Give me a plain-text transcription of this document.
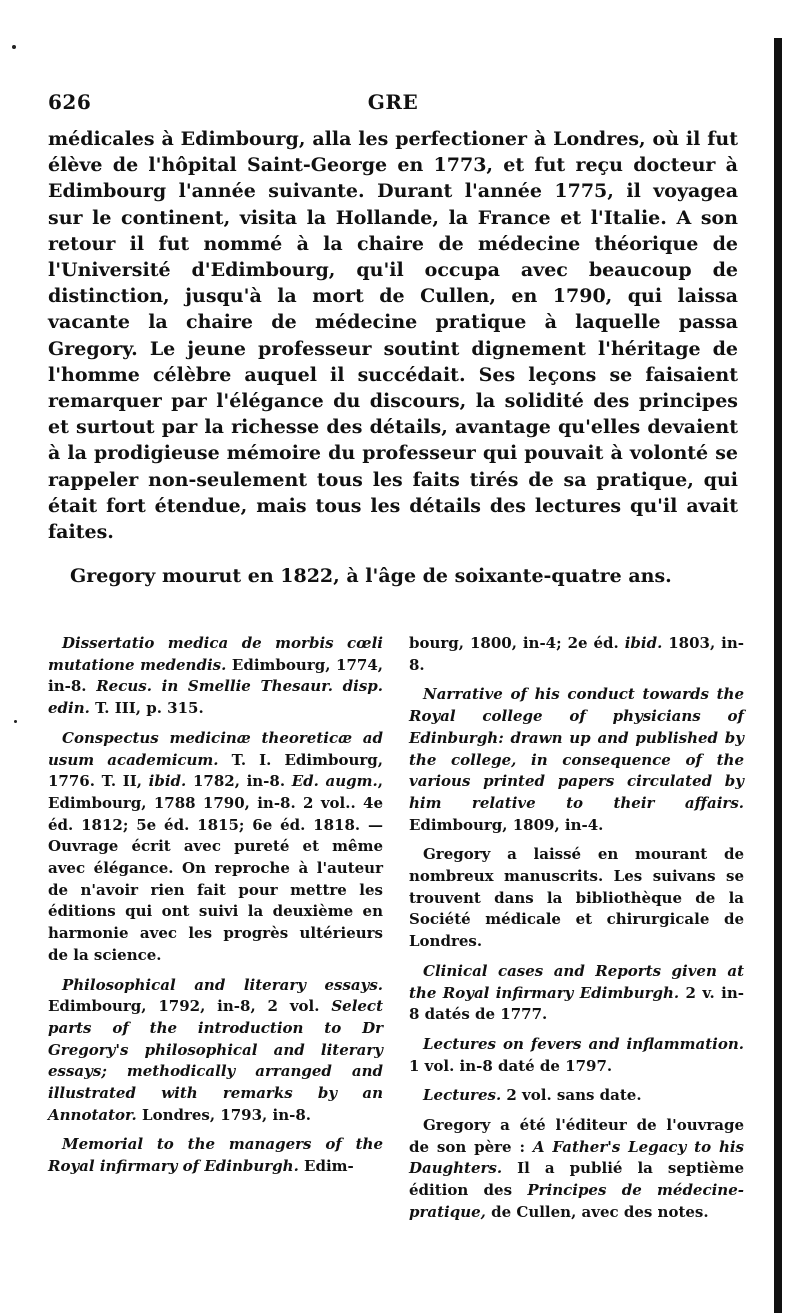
626	GRE

médicales à Edimbourg, alla les perfectioner à Londres, où il fut élève de l'hôpital Saint-George en 1773, et fut reçu docteur à Edimbourg l'année suivante. Durant l'année 1775, il voyagea sur le continent, visita la Hollande, la France et l'Italie. A son retour il fut nommé à la chaire de médecine théorique de l'Université d'Edimbourg, qu'il occupa avec beaucoup de distinction, jusqu'à la mort de Cullen, en 1790, qui laissa vacante la chaire de médecine pratique à laquelle passa Gregory. Le jeune professeur soutint dignement l'héritage de l'homme célèbre auquel il succédait. Ses leçons se faisaient remarquer par l'élégance du discours, la solidité des principes et surtout par la richesse des détails, avantage qu'elles devaient à la prodigieuse mémoire du professeur qui pouvait à volonté se rappeler non-seulement tous les faits tirés de sa pratique, qui était fort étendue, mais tous les détails des lectures qu'il avait faites.

Gregory mourut en 1822, à l'âge de soixante-quatre ans.

Dissertatio medica de morbis cœli mutatione medendis. Edimbourg, 1774, in-8. Recus. in Smellie Thesaur. disp. edin. T. III, p. 315.

Conspectus medicinæ theoreticæ ad usum academicum. T. I. Edimbourg, 1776. T. II, ibid. 1782, in-8. Ed. augm., Edimbourg, 1788 1790, in-8. 2 vol.. 4e éd. 1812; 5e éd. 1815; 6e éd. 1818. — Ouvrage écrit avec pureté et même avec élégance. On reproche à l'auteur de n'avoir rien fait pour mettre les éditions qui ont suivi la deuxième en harmonie avec les progrès ultérieurs de la science.

Philosophical and literary essays. Edimbourg, 1792, in-8, 2 vol. Select parts of the introduction to Dr Gregory's philosophical and literary essays; methodically arranged and illustrated with remarks by an Annotator. Londres, 1793, in-8.

Memorial to the managers of the Royal infirmary of Edinburgh. Edim-

bourg, 1800, in-4; 2e éd. ibid. 1803, in-8.

Narrative of his conduct towards the Royal college of physicians of Edinburgh: drawn up and published by the college, in consequence of the various printed papers circulated by him relative to their affairs. Edimbourg, 1809, in-4.

Gregory a laissé en mourant de nombreux manuscrits. Les suivans se trouvent dans la bibliothèque de la Société médicale et chirurgicale de Londres.

Clinical cases and Reports given at the Royal infirmary Edimburgh. 2 v. in-8 datés de 1777.

Lectures on fevers and inflammation. 1 vol. in-8 daté de 1797.

Lectures. 2 vol. sans date.

Gregory a été l'éditeur de l'ouvrage de son père : A Father's Legacy to his Daughters. Il a publié la septième édition des Principes de médecine-pratique, de Cullen, avec des notes.
